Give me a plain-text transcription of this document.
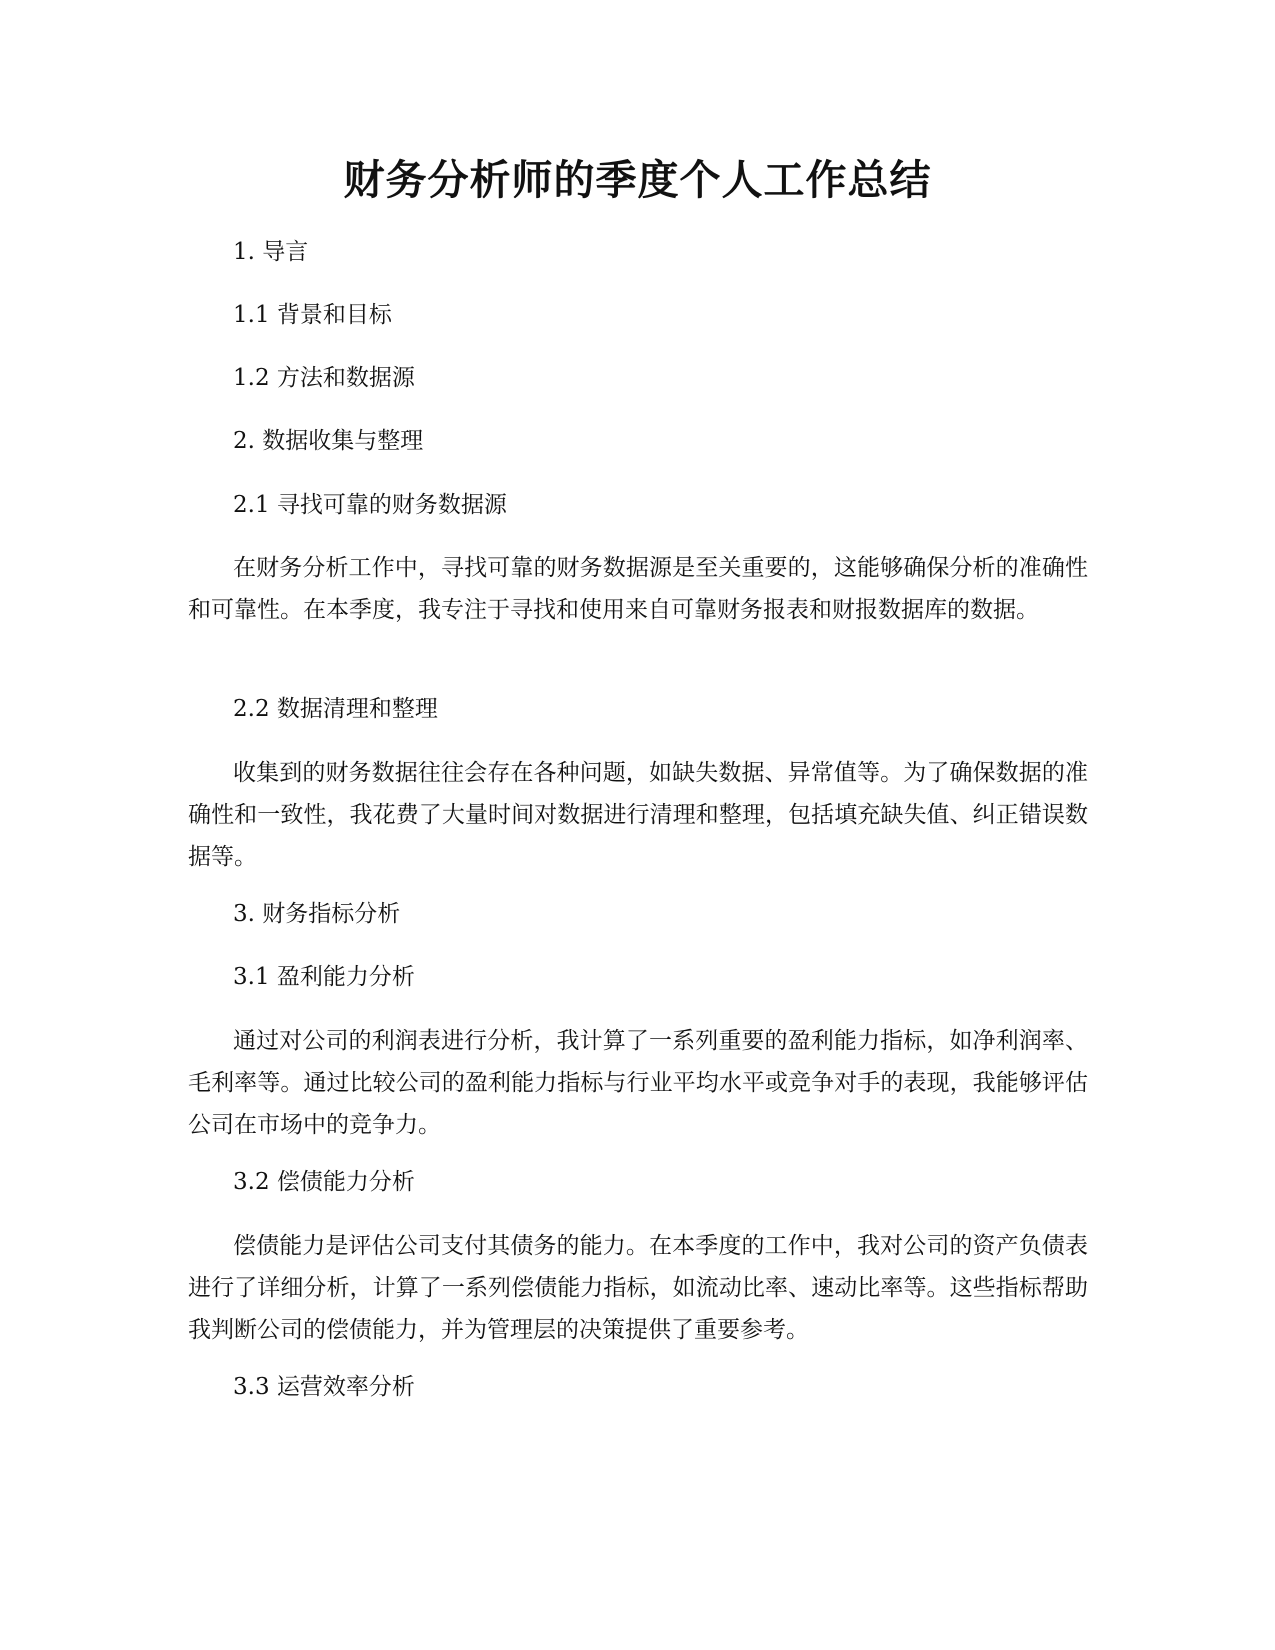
财务分析师的季度个人工作总结

1. 导言

1.1 背景和目标

1.2 方法和数据源

2. 数据收集与整理

2.1 寻找可靠的财务数据源

在财务分析工作中，寻找可靠的财务数据源是至关重要的，这能够确保分析的准确性和可靠性。在本季度，我专注于寻找和使用来自可靠财务报表和财报数据库的数据。

2.2 数据清理和整理

收集到的财务数据往往会存在各种问题，如缺失数据、异常值等。为了确保数据的准确性和一致性，我花费了大量时间对数据进行清理和整理，包括填充缺失值、纠正错误数据等。

3. 财务指标分析

3.1 盈利能力分析

通过对公司的利润表进行分析，我计算了一系列重要的盈利能力指标，如净利润率、毛利率等。通过比较公司的盈利能力指标与行业平均水平或竞争对手的表现，我能够评估公司在市场中的竞争力。

3.2 偿债能力分析

偿债能力是评估公司支付其债务的能力。在本季度的工作中，我对公司的资产负债表进行了详细分析，计算了一系列偿债能力指标，如流动比率、速动比率等。这些指标帮助我判断公司的偿债能力，并为管理层的决策提供了重要参考。

3.3 运营效率分析
